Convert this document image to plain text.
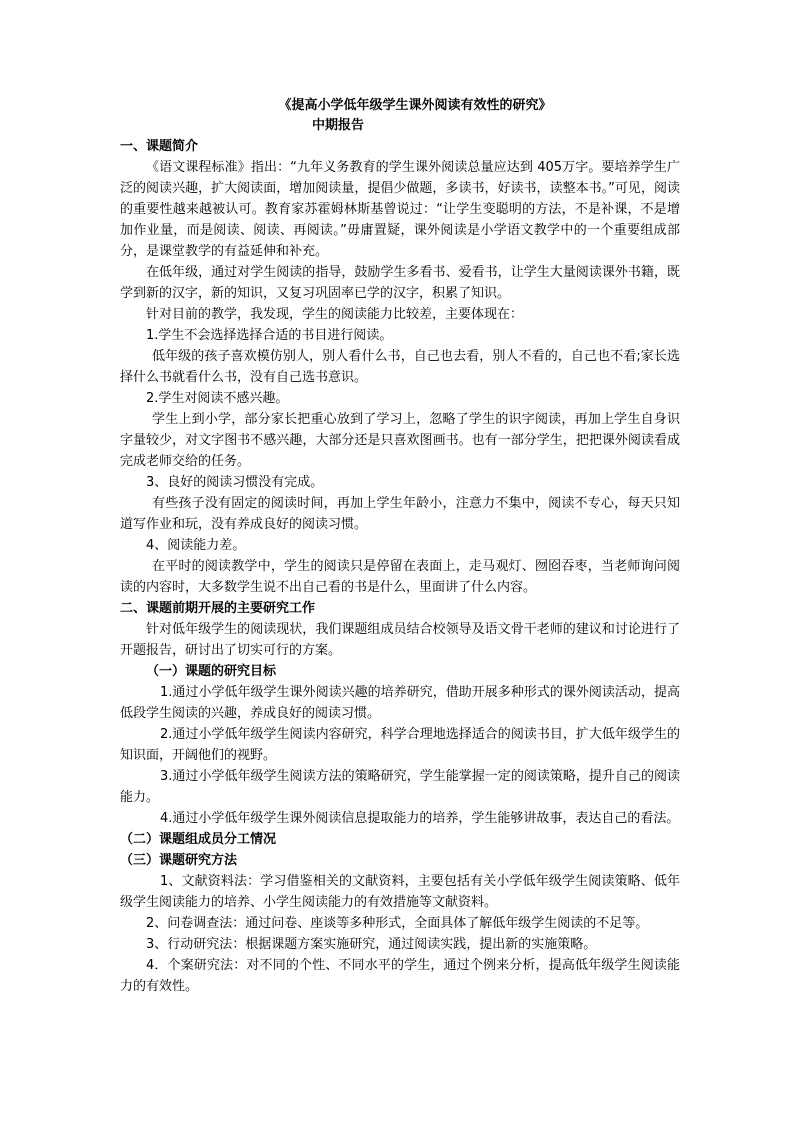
《提高小学低年级学生课外阅读有效性的研究》
中期报告
一、课题简介

《语文课程标准》指出：“九年义务教育的学生课外阅读总量应达到 405万字。要培养学生广泛的阅读兴趣，扩大阅读面，增加阅读量，提倡少做题，多读书，好读书，读整本书。”可见，阅读的重要性越来越被认可。教育家苏霍姆林斯基曾说过：“让学生变聪明的方法，不是补课，不是增加作业量，而是阅读、阅读、再阅读。”毋庸置疑，课外阅读是小学语文教学中的一个重要组成部分，是课堂教学的有益延伸和补充。

在低年级，通过对学生阅读的指导，鼓励学生多看书、爱看书，让学生大量阅读课外书籍，既学到新的汉字，新的知识，又复习巩固率已学的汉字，积累了知识。

针对目前的教学，我发现，学生的阅读能力比较差，主要体现在：

1.学生不会选择选择合适的书目进行阅读。

低年级的孩子喜欢模仿别人，别人看什么书，自己也去看，别人不看的，自己也不看;家长选择什么书就看什么书，没有自己选书意识。

2.学生对阅读不感兴趣。

学生上到小学，部分家长把重心放到了学习上，忽略了学生的识字阅读，再加上学生自身识字量较少，对文字图书不感兴趣，大部分还是只喜欢图画书。也有一部分学生，把把课外阅读看成完成老师交给的任务。

3、良好的阅读习惯没有完成。

有些孩子没有固定的阅读时间，再加上学生年龄小，注意力不集中，阅读不专心，每天只知道写作业和玩，没有养成良好的阅读习惯。

4、阅读能力差。

在平时的阅读教学中，学生的阅读只是停留在表面上，走马观灯、囫囵吞枣，当老师询问阅读的内容时，大多数学生说不出自己看的书是什么，里面讲了什么内容。

二、课题前期开展的主要研究工作

针对低年级学生的阅读现状，我们课题组成员结合校领导及语文骨干老师的建议和讨论进行了开题报告，研讨出了切实可行的方案。

（一）课题的研究目标

1.通过小学低年级学生课外阅读兴趣的培养研究，借助开展多种形式的课外阅读活动，提高低段学生阅读的兴趣，养成良好的阅读习惯。

2.通过小学低年级学生阅读内容研究，科学合理地选择适合的阅读书目，扩大低年级学生的知识面，开阔他们的视野。

3.通过小学低年级学生阅读方法的策略研究，学生能掌握一定的阅读策略，提升自己的阅读能力。

4.通过小学低年级学生课外阅读信息提取能力的培养，学生能够讲故事，表达自己的看法。

（二）课题组成员分工情况
（三）课题研究方法

1、文献资料法：学习借鉴相关的文献资料，主要包括有关小学低年级学生阅读策略、低年级学生阅读能力的培养、小学生阅读能力的有效措施等文献资料。

2、问卷调查法：通过问卷、座谈等多种形式，全面具体了解低年级学生阅读的不足等。

3、行动研究法：根据课题方案实施研究，通过阅读实践，提出新的实施策略。

4．个案研究法：对不同的个性、不同水平的学生，通过个例来分析，提高低年级学生阅读能力的有效性。
